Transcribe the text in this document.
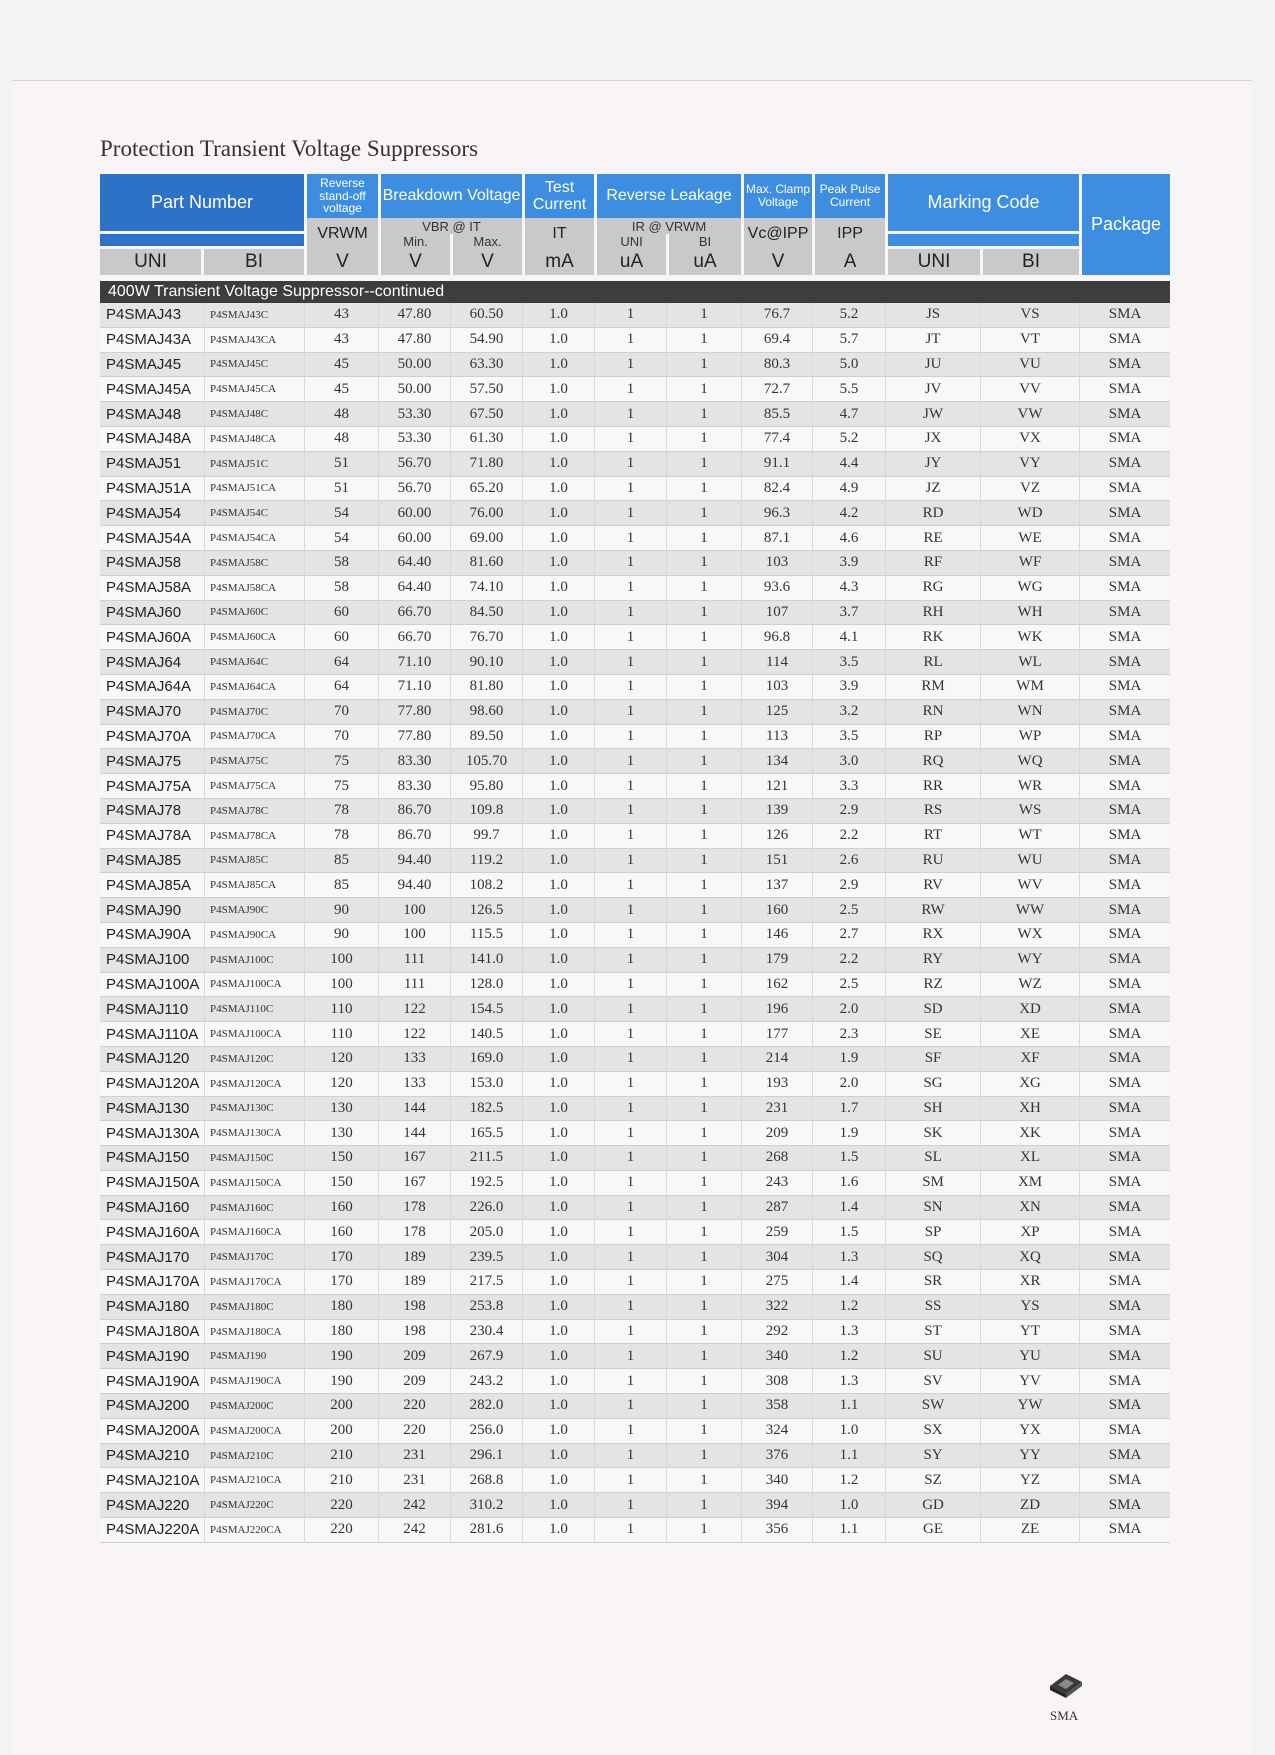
Protection Transient Voltage Suppressors
Part Number		Reverse stand-off voltage	Breakdown Voltage		Test Current	Reverse Leakage		Max. Clamp Voltage	Peak Pulse Current	Marking Code		Package
		VRWM	VBR @ IT		IT	IR @ VRWM		Vc@IPP	IPP			
			Min.	Max.		UNI	BI					
UNI	BI	V	V	V	mA	uA	uA	V	A	UNI	BI	

400W Transient Voltage Suppressor--continued												
P4SMAJ43	P4SMAJ43C	43	47.80	60.50	1.0	1	1	76.7	5.2	JS	VS	SMA
P4SMAJ43A	P4SMAJ43CA	43	47.80	54.90	1.0	1	1	69.4	5.7	JT	VT	SMA
P4SMAJ45	P4SMAJ45C	45	50.00	63.30	1.0	1	1	80.3	5.0	JU	VU	SMA
P4SMAJ45A	P4SMAJ45CA	45	50.00	57.50	1.0	1	1	72.7	5.5	JV	VV	SMA
P4SMAJ48	P4SMAJ48C	48	53.30	67.50	1.0	1	1	85.5	4.7	JW	VW	SMA
P4SMAJ48A	P4SMAJ48CA	48	53.30	61.30	1.0	1	1	77.4	5.2	JX	VX	SMA
P4SMAJ51	P4SMAJ51C	51	56.70	71.80	1.0	1	1	91.1	4.4	JY	VY	SMA
P4SMAJ51A	P4SMAJ51CA	51	56.70	65.20	1.0	1	1	82.4	4.9	JZ	VZ	SMA
P4SMAJ54	P4SMAJ54C	54	60.00	76.00	1.0	1	1	96.3	4.2	RD	WD	SMA
P4SMAJ54A	P4SMAJ54CA	54	60.00	69.00	1.0	1	1	87.1	4.6	RE	WE	SMA
P4SMAJ58	P4SMAJ58C	58	64.40	81.60	1.0	1	1	103	3.9	RF	WF	SMA
P4SMAJ58A	P4SMAJ58CA	58	64.40	74.10	1.0	1	1	93.6	4.3	RG	WG	SMA
P4SMAJ60	P4SMAJ60C	60	66.70	84.50	1.0	1	1	107	3.7	RH	WH	SMA
P4SMAJ60A	P4SMAJ60CA	60	66.70	76.70	1.0	1	1	96.8	4.1	RK	WK	SMA
P4SMAJ64	P4SMAJ64C	64	71.10	90.10	1.0	1	1	114	3.5	RL	WL	SMA
P4SMAJ64A	P4SMAJ64CA	64	71.10	81.80	1.0	1	1	103	3.9	RM	WM	SMA
P4SMAJ70	P4SMAJ70C	70	77.80	98.60	1.0	1	1	125	3.2	RN	WN	SMA
P4SMAJ70A	P4SMAJ70CA	70	77.80	89.50	1.0	1	1	113	3.5	RP	WP	SMA
P4SMAJ75	P4SMAJ75C	75	83.30	105.70	1.0	1	1	134	3.0	RQ	WQ	SMA
P4SMAJ75A	P4SMAJ75CA	75	83.30	95.80	1.0	1	1	121	3.3	RR	WR	SMA
P4SMAJ78	P4SMAJ78C	78	86.70	109.8	1.0	1	1	139	2.9	RS	WS	SMA
P4SMAJ78A	P4SMAJ78CA	78	86.70	99.7	1.0	1	1	126	2.2	RT	WT	SMA
P4SMAJ85	P4SMAJ85C	85	94.40	119.2	1.0	1	1	151	2.6	RU	WU	SMA
P4SMAJ85A	P4SMAJ85CA	85	94.40	108.2	1.0	1	1	137	2.9	RV	WV	SMA
P4SMAJ90	P4SMAJ90C	90	100	126.5	1.0	1	1	160	2.5	RW	WW	SMA
P4SMAJ90A	P4SMAJ90CA	90	100	115.5	1.0	1	1	146	2.7	RX	WX	SMA
P4SMAJ100	P4SMAJ100C	100	111	141.0	1.0	1	1	179	2.2	RY	WY	SMA
P4SMAJ100A	P4SMAJ100CA	100	111	128.0	1.0	1	1	162	2.5	RZ	WZ	SMA
P4SMAJ110	P4SMAJ110C	110	122	154.5	1.0	1	1	196	2.0	SD	XD	SMA
P4SMAJ110A	P4SMAJ100CA	110	122	140.5	1.0	1	1	177	2.3	SE	XE	SMA
P4SMAJ120	P4SMAJ120C	120	133	169.0	1.0	1	1	214	1.9	SF	XF	SMA
P4SMAJ120A	P4SMAJ120CA	120	133	153.0	1.0	1	1	193	2.0	SG	XG	SMA
P4SMAJ130	P4SMAJ130C	130	144	182.5	1.0	1	1	231	1.7	SH	XH	SMA
P4SMAJ130A	P4SMAJ130CA	130	144	165.5	1.0	1	1	209	1.9	SK	XK	SMA
P4SMAJ150	P4SMAJ150C	150	167	211.5	1.0	1	1	268	1.5	SL	XL	SMA
P4SMAJ150A	P4SMAJ150CA	150	167	192.5	1.0	1	1	243	1.6	SM	XM	SMA
P4SMAJ160	P4SMAJ160C	160	178	226.0	1.0	1	1	287	1.4	SN	XN	SMA
P4SMAJ160A	P4SMAJ160CA	160	178	205.0	1.0	1	1	259	1.5	SP	XP	SMA
P4SMAJ170	P4SMAJ170C	170	189	239.5	1.0	1	1	304	1.3	SQ	XQ	SMA
P4SMAJ170A	P4SMAJ170CA	170	189	217.5	1.0	1	1	275	1.4	SR	XR	SMA
P4SMAJ180	P4SMAJ180C	180	198	253.8	1.0	1	1	322	1.2	SS	YS	SMA
P4SMAJ180A	P4SMAJ180CA	180	198	230.4	1.0	1	1	292	1.3	ST	YT	SMA
P4SMAJ190	P4SMAJ190	190	209	267.9	1.0	1	1	340	1.2	SU	YU	SMA
P4SMAJ190A	P4SMAJ190CA	190	209	243.2	1.0	1	1	308	1.3	SV	YV	SMA
P4SMAJ200	P4SMAJ200C	200	220	282.0	1.0	1	1	358	1.1	SW	YW	SMA
P4SMAJ200A	P4SMAJ200CA	200	220	256.0	1.0	1	1	324	1.0	SX	YX	SMA
P4SMAJ210	P4SMAJ210C	210	231	296.1	1.0	1	1	376	1.1	SY	YY	SMA
P4SMAJ210A	P4SMAJ210CA	210	231	268.8	1.0	1	1	340	1.2	SZ	YZ	SMA
P4SMAJ220	P4SMAJ220C	220	242	310.2	1.0	1	1	394	1.0	GD	ZD	SMA
P4SMAJ220A	P4SMAJ220CA	220	242	281.6	1.0	1	1	356	1.1	GE	ZE	SMA
SMA
